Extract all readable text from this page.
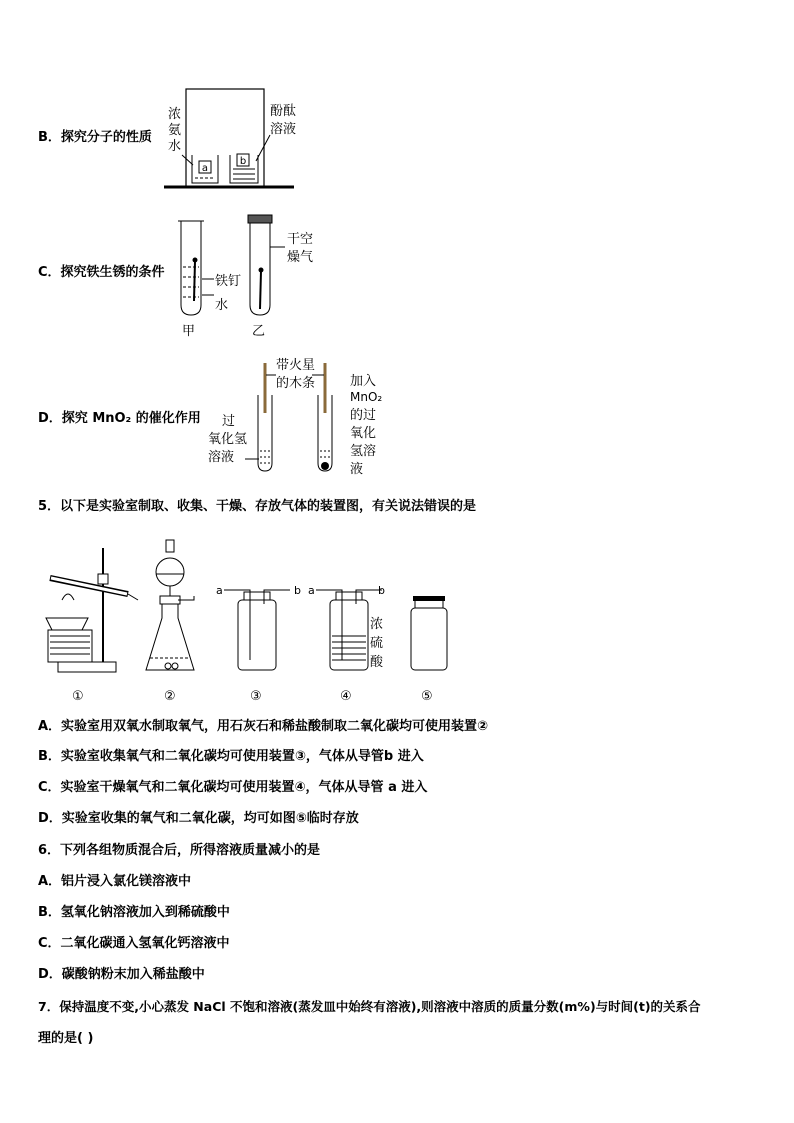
B．探究分子的性质
a
b
浓
氨
水
酚酞
溶液
C．探究铁生锈的条件
铁钉
水
甲
干空
燥气
乙
D．探究 MnO₂ 的催化作用
带火星
的木条
过
氧化氢
溶液
加入
MnO₂
的过
氧化
氢溶
液
5．以下是实验室制取、收集、干燥、存放气体的装置图，有关说法错误的是
a	b a	b
浓
硫
酸
①	②	③	④	⑤
A．实验室用双氧水制取氧气，用石灰石和稀盐酸制取二氧化碳均可使用装置②
B．实验室收集氧气和二氧化碳均可使用装置③，气体从导管b 进入
C．实验室干燥氧气和二氧化碳均可使用装置④，气体从导管 a 进入
D．实验室收集的氧气和二氧化碳，均可如图⑤临时存放
6．下列各组物质混合后，所得溶液质量减小的是
A．铝片浸入氯化镁溶液中
B．氢氧化钠溶液加入到稀硫酸中
C．二氧化碳通入氢氧化钙溶液中
D．碳酸钠粉末加入稀盐酸中
7．保持温度不变,小心蒸发 NaCl 不饱和溶液(蒸发皿中始终有溶液),则溶液中溶质的质量分数(m%)与时间(t)的关系合
理的是( )
